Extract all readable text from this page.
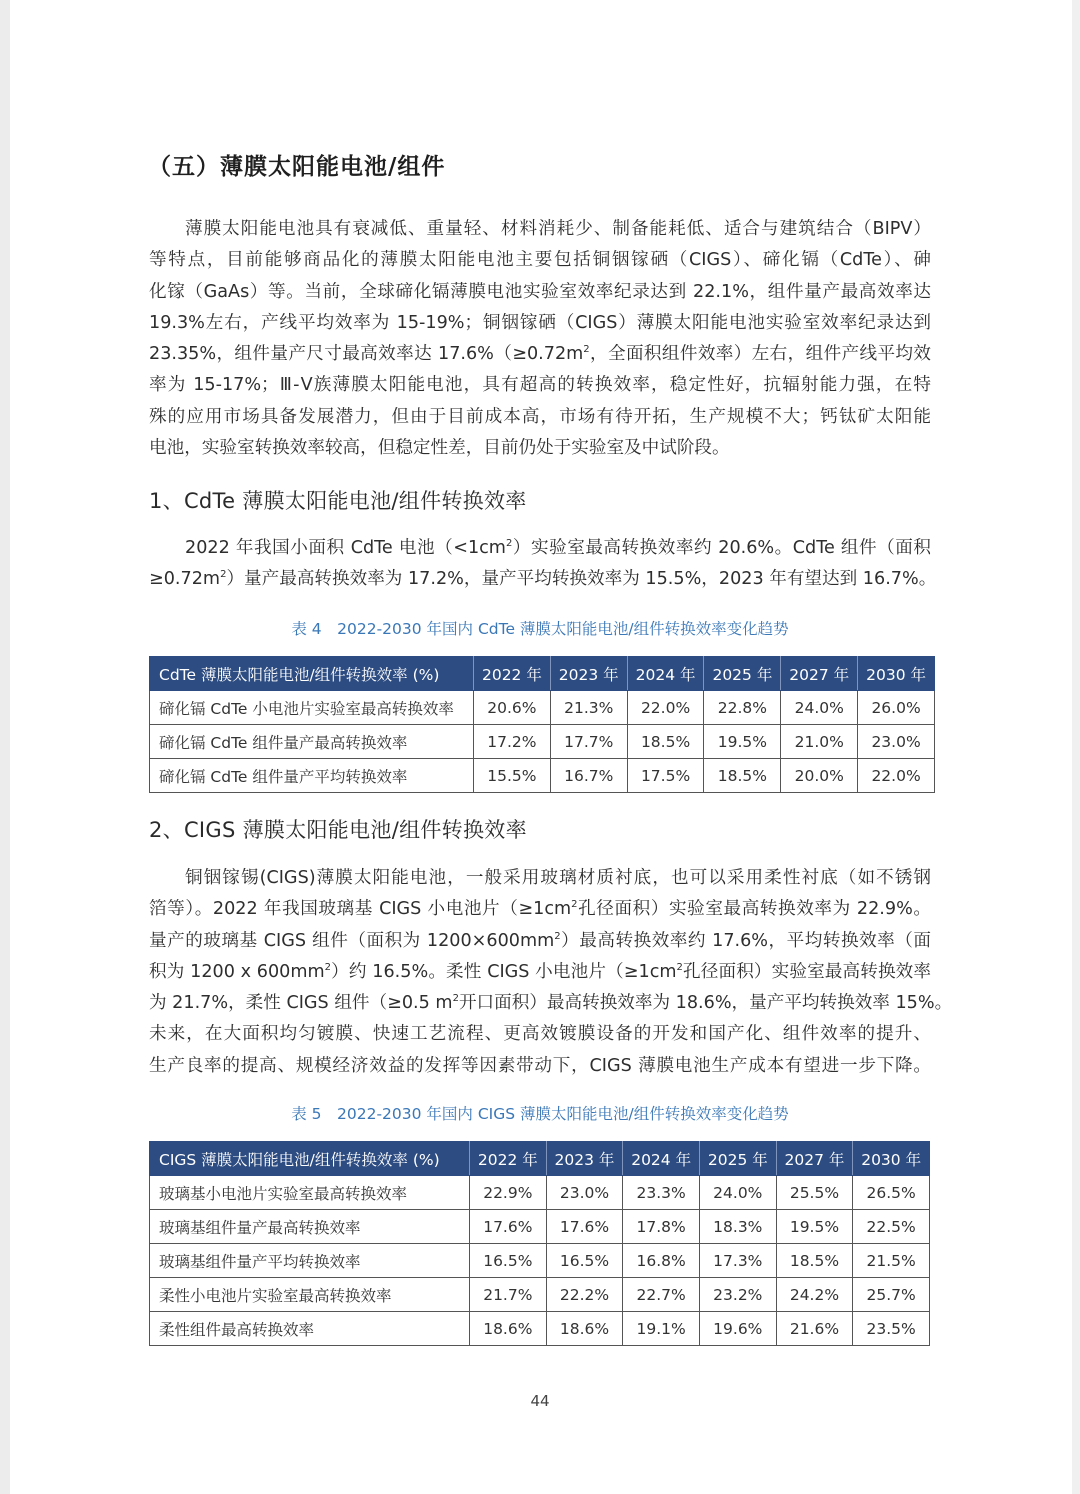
（五）薄膜太阳能电池/组件
薄膜太阳能电池具有衰减低、重量轻、材料消耗少、制备能耗低、适合与建筑结合（BIPV）
等特点，目前能够商品化的薄膜太阳能电池主要包括铜铟镓硒（CIGS）、碲化镉（CdTe）、砷
化镓（GaAs）等。当前，全球碲化镉薄膜电池实验室效率纪录达到 22.1%，组件量产最高效率达
19.3%左右，产线平均效率为 15-19%；铜铟镓硒（CIGS）薄膜太阳能电池实验室效率纪录达到
23.35%，组件量产尺寸最高效率达 $17.6\%(\ge 0.72m^2$，全面积组件效率）左右，组件产线平均效
率为 15-17%；Ⅲ-Ⅴ族薄膜太阳能电池，具有超高的转换效率，稳定性好，抗辐射能力强，在特
殊的应用市场具备发展潜力，但由于目前成本高，市场有待开拓，生产规模不大；钙钛矿太阳能
电池，实验室转换效率较高，但稳定性差，目前仍处于实验室及中试阶段。
1、CdTe 薄膜太阳能电池/组件转换效率
2022 年我国小面积 CdTe 电池$(<1cm^2)$实验室最高转换效率约 20.6%。CdTe 组件（面积
$\ge 0.72m^2$）量产最高转换效率为 17.2%，量产平均转换效率为 15.5%，2023 年有望达到 16.7%。
表 4　2022-2030 年国内 CdTe 薄膜太阳能电池/组件转换效率变化趋势
CdTe 薄膜太阳能电池/组件转换效率 (%)	2022 年	2023 年	2024 年	2025 年	2027 年	2030 年
碲化镉 CdTe 小电池片实验室最高转换效率	20.6%	21.3%	22.0%	22.8%	24.0%	26.0%
碲化镉 CdTe 组件量产最高转换效率	17.2%	17.7%	18.5%	19.5%	21.0%	23.0%
碲化镉 CdTe 组件量产平均转换效率	15.5%	16.7%	17.5%	18.5%	20.0%	22.0%
2、CIGS 薄膜太阳能电池/组件转换效率
铜铟镓锡(CIGS)薄膜太阳能电池，一般采用玻璃材质衬底，也可以采用柔性衬底（如不锈钢
箔等）。2022 年我国玻璃基 CIGS 小电池片（$\ge 1cm^2$孔径面积）实验室最高转换效率为 22.9%。
量产的玻璃基 CIGS 组件（面积为 $1200\times 600mm^2$）最高转换效率约 17.6%，平均转换效率（面
积为 1200 x $600mm^2$）约 16.5%。柔性 CIGS 小电池片（$\ge 1cm^2$孔径面积）实验室最高转换效率
为 21.7%，柔性 CIGS 组件（≥0.5 $m^2$开口面积）最高转换效率为 18.6%，量产平均转换效率 15%。
未来，在大面积均匀镀膜、快速工艺流程、更高效镀膜设备的开发和国产化、组件效率的提升、
生产良率的提高、规模经济效益的发挥等因素带动下，CIGS 薄膜电池生产成本有望进一步下降。
表 5　2022-2030 年国内 CIGS 薄膜太阳能电池/组件转换效率变化趋势
CIGS 薄膜太阳能电池/组件转换效率 (%)	2022 年	2023 年	2024 年	2025 年	2027 年	2030 年
玻璃基小电池片实验室最高转换效率	22.9%	23.0%	23.3%	24.0%	25.5%	26.5%
玻璃基组件量产最高转换效率	17.6%	17.6%	17.8%	18.3%	19.5%	22.5%
玻璃基组件量产平均转换效率	16.5%	16.5%	16.8%	17.3%	18.5%	21.5%
柔性小电池片实验室最高转换效率	21.7%	22.2%	22.7%	23.2%	24.2%	25.7%
柔性组件最高转换效率	18.6%	18.6%	19.1%	19.6%	21.6%	23.5%
44
